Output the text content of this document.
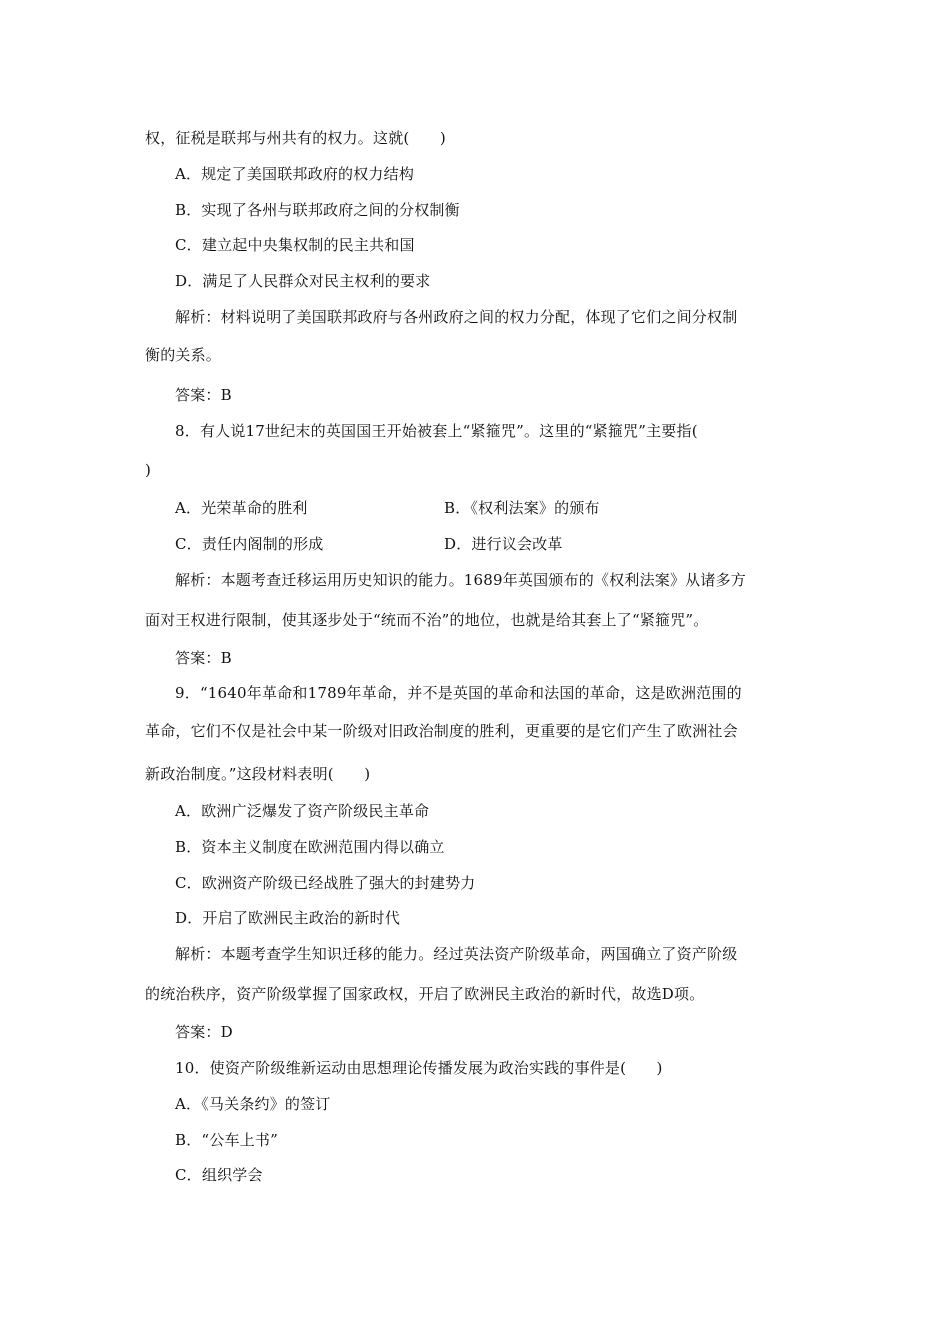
权，征税是联邦与州共有的权力。这就(　　)
A．规定了美国联邦政府的权力结构
B．实现了各州与联邦政府之间的分权制衡
C．建立起中央集权制的民主共和国
D．满足了人民群众对民主权利的要求
解析：材料说明了美国联邦政府与各州政府之间的权力分配，体现了它们之间分权制
衡的关系。
答案：B
8．有人说17世纪末的英国国王开始被套上“紧箍咒”。这里的“紧箍咒”主要指(
)
A．光荣革命的胜利	B．《权利法案》的颁布
C．责任内阁制的形成	D．进行议会改革
解析：本题考查迁移运用历史知识的能力。1689年英国颁布的《权利法案》从诸多方
面对王权进行限制，使其逐步处于“统而不治”的地位，也就是给其套上了“紧箍咒”。
答案：B
9．“1640年革命和1789年革命，并不是英国的革命和法国的革命，这是欧洲范围的
革命，它们不仅是社会中某一阶级对旧政治制度的胜利，更重要的是它们产生了欧洲社会
新政治制度。”这段材料表明(　　)
A．欧洲广泛爆发了资产阶级民主革命
B．资本主义制度在欧洲范围内得以确立
C．欧洲资产阶级已经战胜了强大的封建势力
D．开启了欧洲民主政治的新时代
解析：本题考查学生知识迁移的能力。经过英法资产阶级革命，两国确立了资产阶级
的统治秩序，资产阶级掌握了国家政权，开启了欧洲民主政治的新时代，故选D项。
答案：D
10．使资产阶级维新运动由思想理论传播发展为政治实践的事件是(　　)
A．《马关条约》的签订
B．“公车上书”
C．组织学会
